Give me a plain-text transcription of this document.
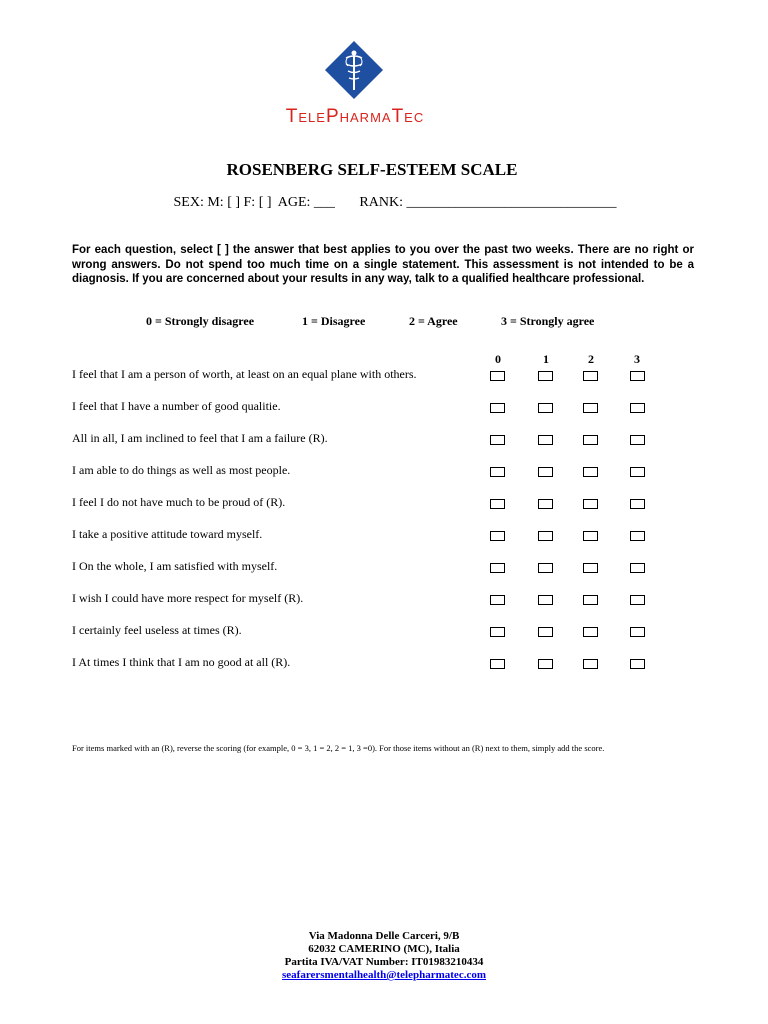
TelePharmaTec
ROSENBERG SELF-ESTEEM SCALE
SEX: M: [ ] F: [ ]  AGE: ___       RANK: ______________________________
For each question, select [ ] the answer that best applies to you over the past two weeks. There are no right or wrong answers. Do not spend too much time on a single statement. This assessment is not intended to be a diagnosis. If you are concerned about your results in any way, talk to a qualified healthcare professional.
0 = Strongly disagree	1 = Disagree	2 = Agree	3 = Strongly agree
0	1	2	3
I feel that I am a person of worth, at least on an equal plane with others.
I feel that I have a number of good qualitie.
All in all, I am inclined to feel that I am a failure (R).
I am able to do things as well as most people.
I feel I do not have much to be proud of (R).
I take a positive attitude toward myself.
I On the whole, I am satisfied with myself.
I wish I could have more respect for myself (R).
I certainly feel useless at times (R).
I At times I think that I am no good at all (R).
For items marked with an (R), reverse the scoring (for example, 0 = 3, 1 = 2, 2 = 1, 3 =0). For those items without an (R) next to them, simply add the score.
Via Madonna Delle Carceri, 9/B
62032 CAMERINO (MC), Italia
Partita IVA/VAT Number: IT01983210434
seafarersmentalhealth@telepharmatec.com
